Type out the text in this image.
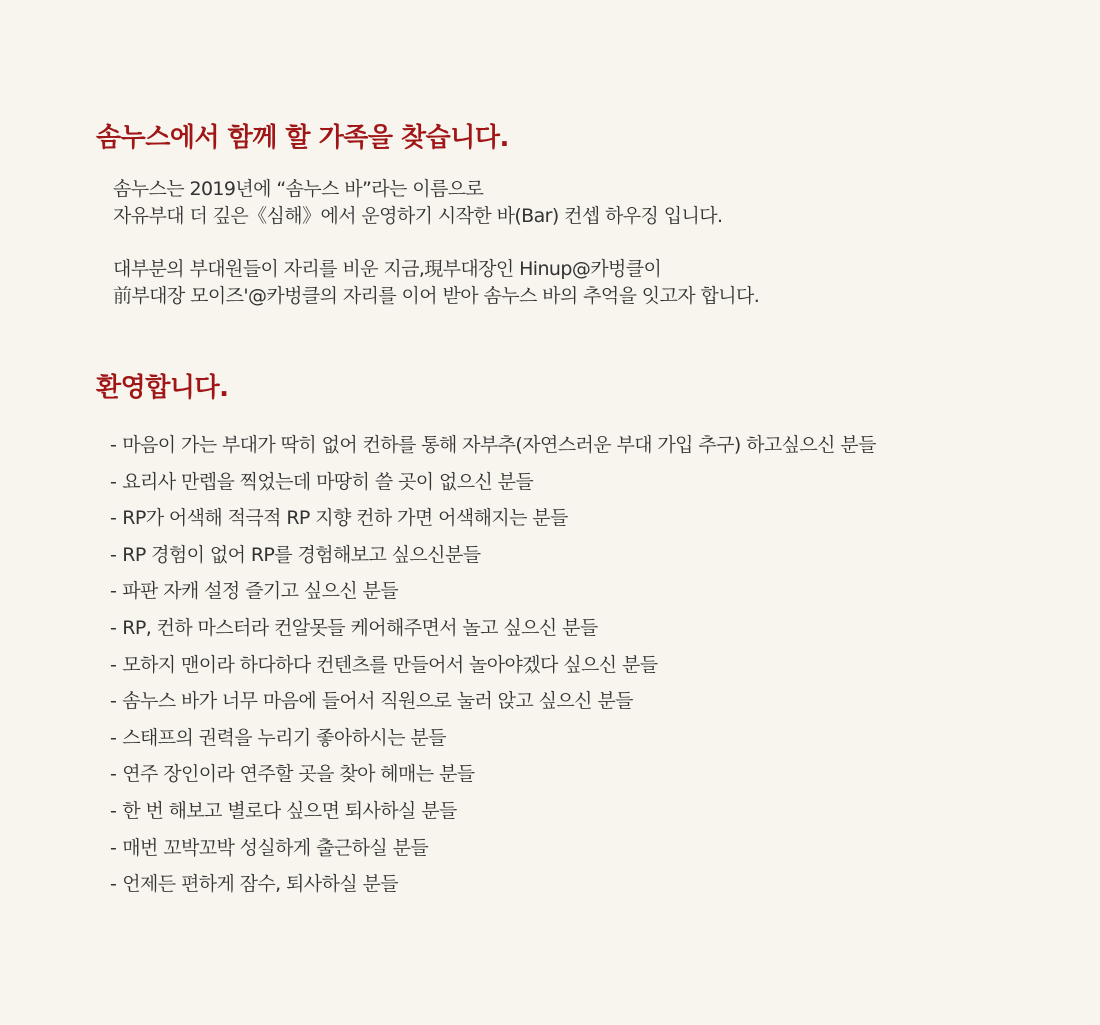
솜누스에서 함께 할 가족을 찾습니다.
솜누스는 2019년에 “솜누스 바”라는 이름으로
자유부대 더 깊은《심해》에서 운영하기 시작한 바(Bar) 컨셉 하우징 입니다.
대부분의 부대원들이 자리를 비운 지금,現부대장인 Hinup@카벙클이
前부대장 모이즈'@카벙클의 자리를 이어 받아 솜누스 바의 추억을 잇고자 합니다.
환영합니다.
- 마음이 가는 부대가 딱히 없어 컨하를 통해 자부추(자연스러운 부대 가입 추구) 하고싶으신 분들
- 요리사 만렙을 찍었는데 마땅히 쓸 곳이 없으신 분들
- RP가 어색해 적극적 RP 지향 컨하 가면 어색해지는 분들
- RP 경험이 없어 RP를 경험해보고 싶으신분들
- 파판 자캐 설정 즐기고 싶으신 분들
- RP, 컨하 마스터라 컨알못들 케어해주면서 놀고 싶으신 분들
- 모하지 맨이라 하다하다 컨텐츠를 만들어서 놀아야겠다 싶으신 분들
- 솜누스 바가 너무 마음에 들어서 직원으로 눌러 앉고 싶으신 분들
- 스태프의 권력을 누리기 좋아하시는 분들
- 연주 장인이라 연주할 곳을 찾아 헤매는 분들
- 한 번 해보고 별로다 싶으면 퇴사하실 분들
- 매번 꼬박꼬박 성실하게 출근하실 분들
- 언제든 편하게 잠수, 퇴사하실 분들
